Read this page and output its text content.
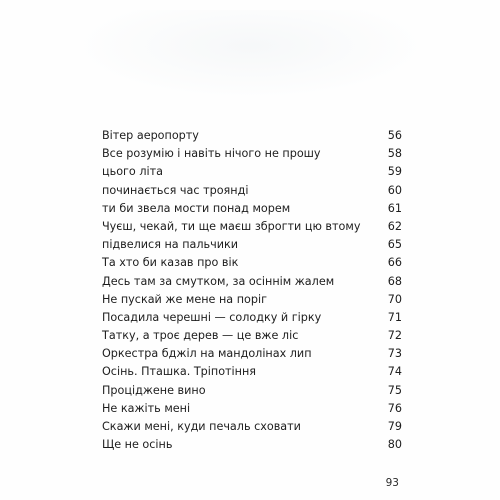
Вітер аеропорту	56
Все розумію і навіть нічого не прошу	58
цього літа	59
починається час трояндi	60
ти би звела мости понад морем	61
Чуєш, чекай, ти ще маєш зброгти цю втому 62
підвелися на пальчики	65
Та хто би казав про вік	66
Десь там за смутком, за осіннім жалем	68
Не пускай же мене на поріг	70
Посадила черешні — солодку й гірку	71
Татку, а троє дерев — це вже ліс	72
Оркестра бджіл на мандолінах лип	73
Осінь. Пташка. Тріпотіння	74
Проціджене вино	75
Не кажіть мені	76
Скажи мені, куди печаль сховати	79
Ще не осінь	80
93
